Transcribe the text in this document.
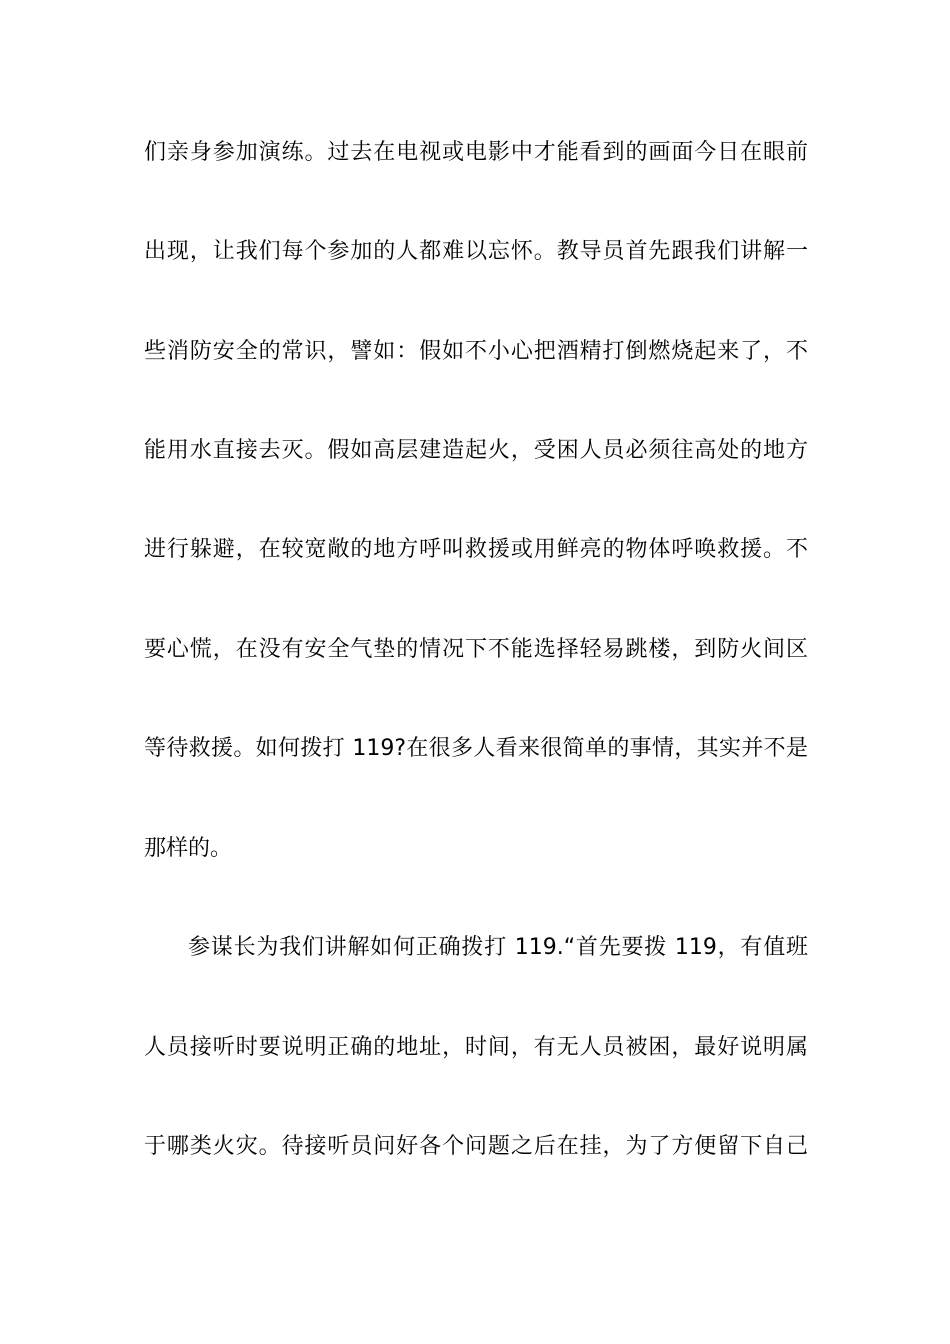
们亲身参加演练。过去在电视或电影中才能看到的画面今日在眼前
出现，让我们每个参加的人都难以忘怀。教导员首先跟我们讲解一
些消防安全的常识，譬如：假如不小心把酒精打倒燃烧起来了，不
能用水直接去灭。假如高层建造起火，受困人员必须往高处的地方
进行躲避，在较宽敞的地方呼叫救援或用鲜亮的物体呼唤救援。不
要心慌，在没有安全气垫的情况下不能选择轻易跳楼，到防火间区
等待救援。如何拨打 119?在很多人看来很简单的事情，其实并不是
那样的。
参谋长为我们讲解如何正确拨打 119.“首先要拨 119，有值班
人员接听时要说明正确的地址，时间，有无人员被困，最好说明属
于哪类火灾。待接听员问好各个问题之后在挂，为了方便留下自己
